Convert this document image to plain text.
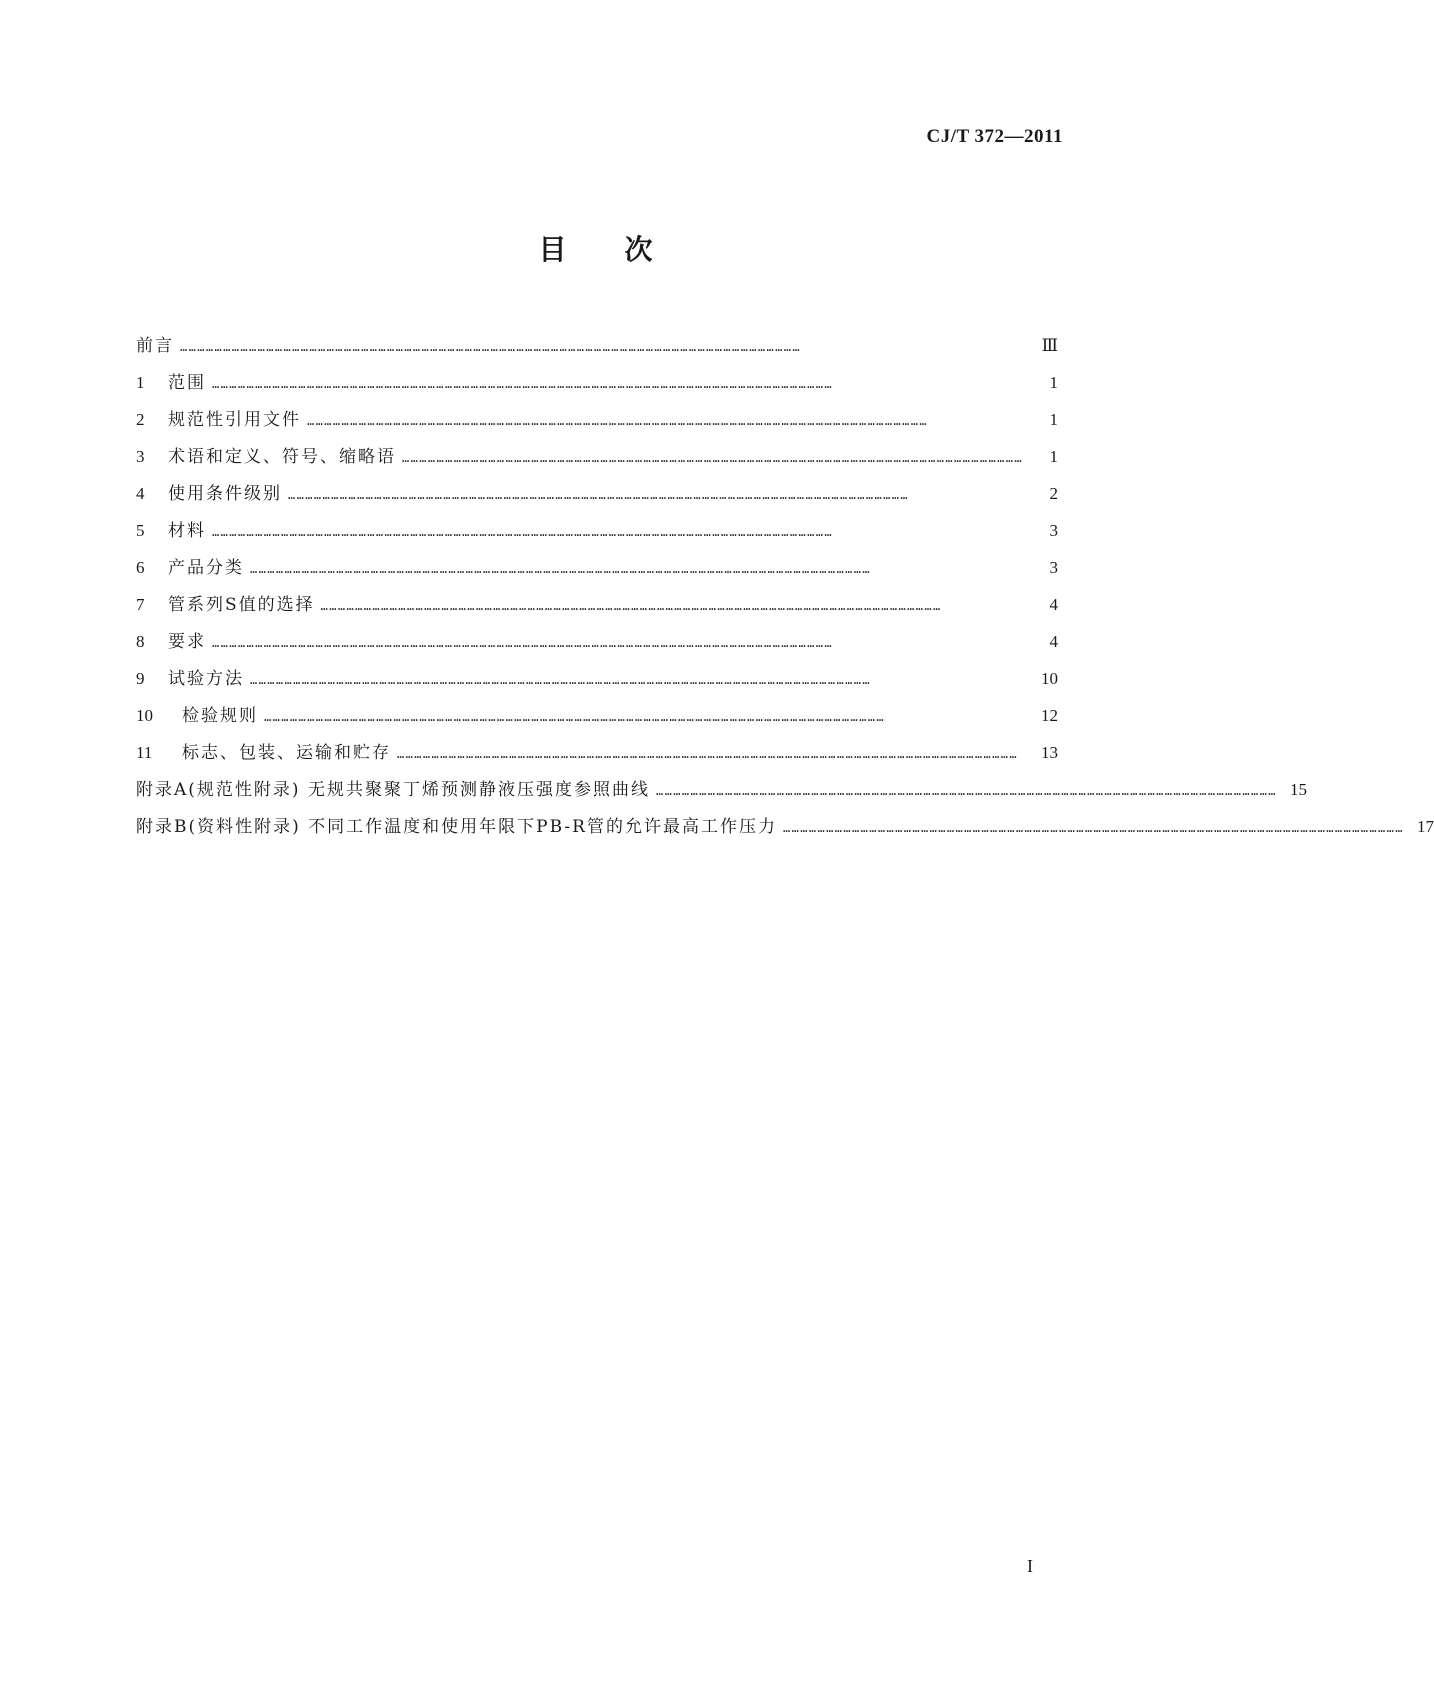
CJ/T 372—2011
目次
前言 ………………………………………………………………………………………………………………………………………………………………………………………………	Ⅲ
1 范围 ………………………………………………………………………………………………………………………………………………………………………………………………	1
2 规范性引用文件 ………………………………………………………………………………………………………………………………………………………………………………………………	1
3 术语和定义、符号、缩略语 ………………………………………………………………………………………………………………………………………………………………………………………………	1
4 使用条件级别 ………………………………………………………………………………………………………………………………………………………………………………………………	2
5 材料 ………………………………………………………………………………………………………………………………………………………………………………………………	3
6 产品分类 ………………………………………………………………………………………………………………………………………………………………………………………………	3
7 管系列S值的选择 ………………………………………………………………………………………………………………………………………………………………………………………………	4
8 要求 ………………………………………………………………………………………………………………………………………………………………………………………………	4
9 试验方法 ………………………………………………………………………………………………………………………………………………………………………………………………	10
10 检验规则 ………………………………………………………………………………………………………………………………………………………………………………………………	12
11 标志、包装、运输和贮存 ………………………………………………………………………………………………………………………………………………………………………………………………	13
附录A(规范性附录) 无规共聚聚丁烯预测静液压强度参照曲线 ……………………………………………………………………………………………………………………………………………………………………………………………… 15
附录B(资料性附录) 不同工作温度和使用年限下PB-R管的允许最高工作压力 ……………………………………………………………………………………………………………………………………………………………………………………………… 17
I
